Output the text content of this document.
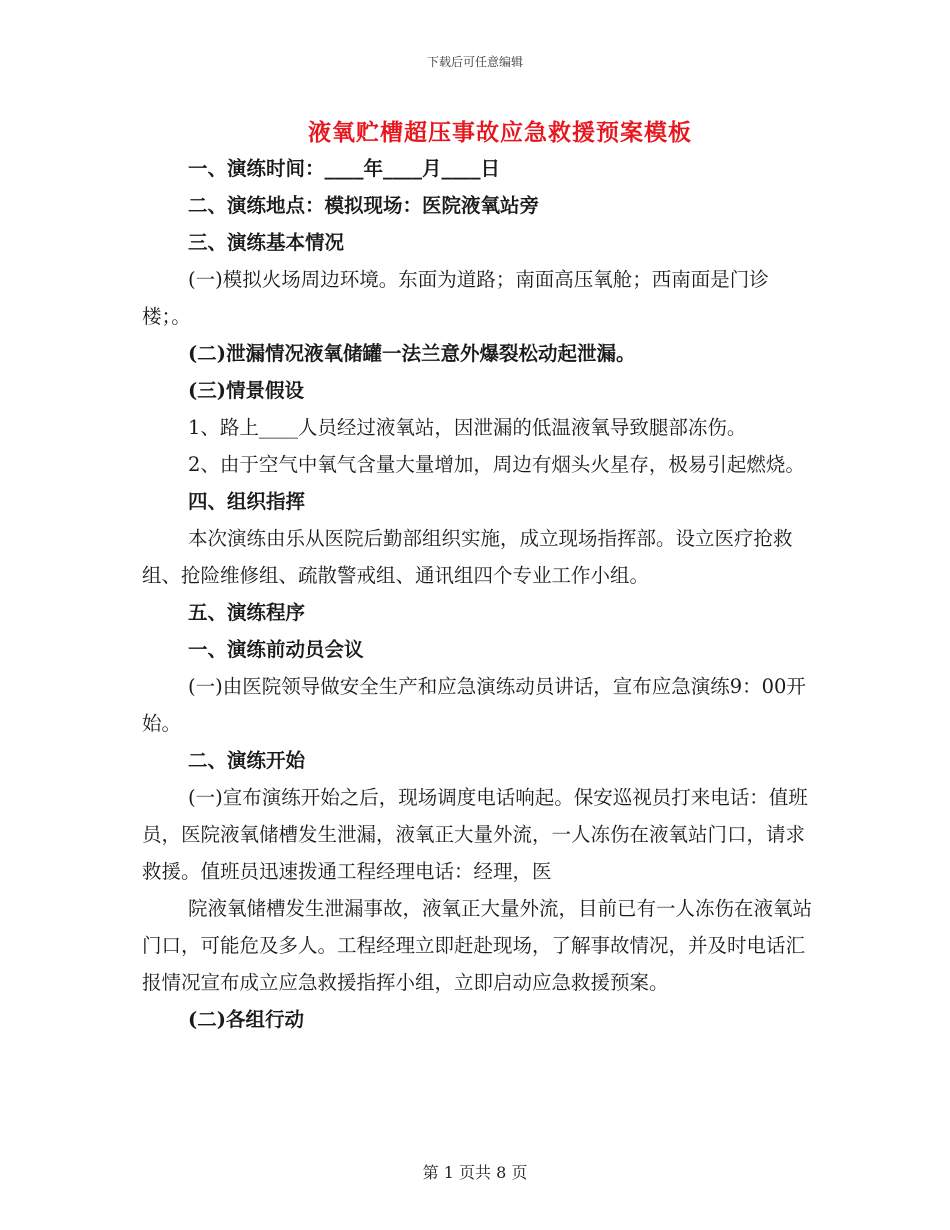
下载后可任意编辑
液氧贮槽超压事故应急救援预案模板

一、演练时间：____年____月____日

二、演练地点：模拟现场：医院液氧站旁

三、演练基本情况

(一)模拟火场周边环境。东面为道路；南面高压氧舱；西南面是门诊楼；。

(二)泄漏情况液氧储罐一法兰意外爆裂松动起泄漏。

(三)情景假设

1、路上____人员经过液氧站，因泄漏的低温液氧导致腿部冻伤。

2、由于空气中氧气含量大量增加，周边有烟头火星存，极易引起燃烧。

四、组织指挥

本次演练由乐从医院后勤部组织实施，成立现场指挥部。设立医疗抢救组、抢险维修组、疏散警戒组、通讯组四个专业工作小组。

五、演练程序

一、演练前动员会议

(一)由医院领导做安全生产和应急演练动员讲话，宣布应急演练9：00开始。

二、演练开始

(一)宣布演练开始之后，现场调度电话响起。保安巡视员打来电话：值班员，医院液氧储槽发生泄漏，液氧正大量外流，一人冻伤在液氧站门口，请求救援。值班员迅速拨通工程经理电话：经理，医

院液氧储槽发生泄漏事故，液氧正大量外流，目前已有一人冻伤在液氧站门口，可能危及多人。工程经理立即赶赴现场，了解事故情况，并及时电话汇报情况宣布成立应急救援指挥小组，立即启动应急救援预案。

(二)各组行动

第 1 页共 8 页
